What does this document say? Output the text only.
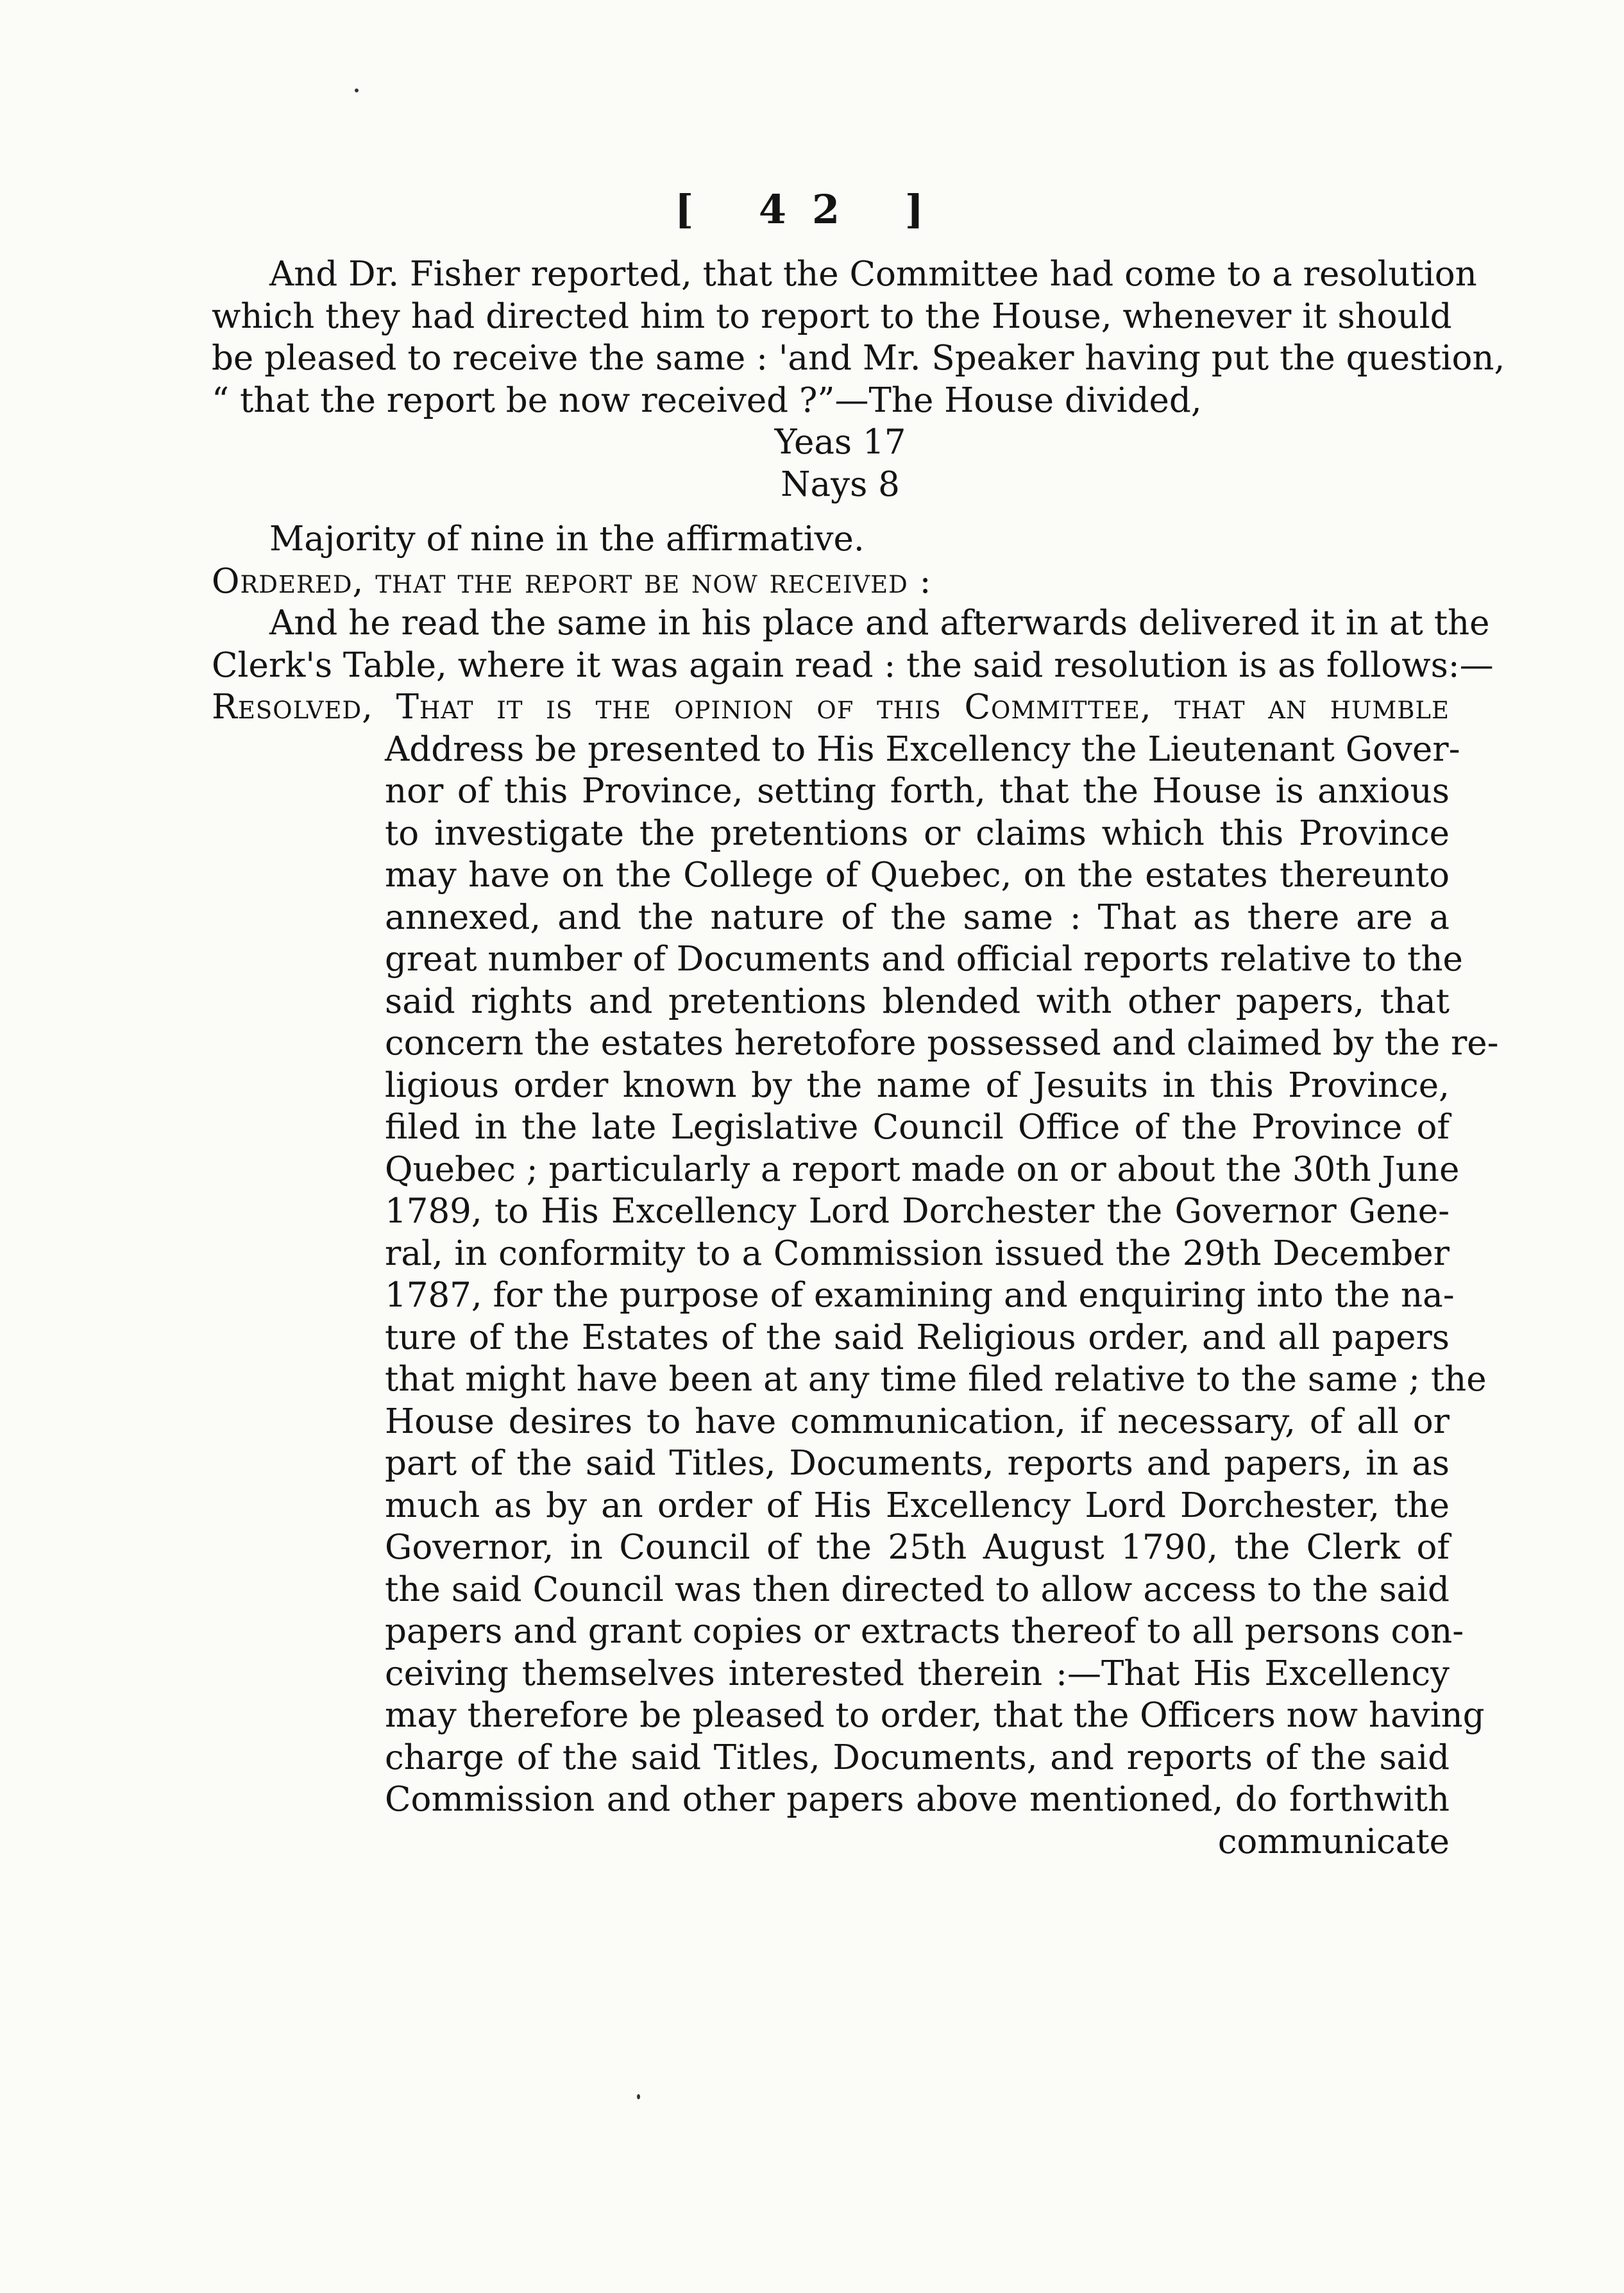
[ 42 ]
And Dr. Fisher reported, that the Committee had come to a resolution
which they had directed him to report to the House, whenever it should
be pleased to receive the same : 'and Mr. Speaker having put the question,
“ that the report be now received ?”—The House divided,
Yeas 17
Nays 8
Majority of nine in the affirmative.
Ordered, that the report be now received :
And he read the same in his place and afterwards delivered it in at the
Clerk's Table, where it was again read : the said resolution is as follows:—
Resolved, That it is the opinion of this Committee, that an humble
Address be presented to His Excellency the Lieutenant Gover-
nor of this Province, setting forth, that the House is anxious
to investigate the pretentions or claims which this Province
may have on the College of Quebec, on the estates thereunto
annexed, and the nature of the same : That as there are a
great number of Documents and official reports relative to the
said rights and pretentions blended with other papers, that
concern the estates heretofore possessed and claimed by the re-
ligious order known by the name of Jesuits in this Province,
filed in the late Legislative Council Office of the Province of
Quebec ; particularly a report made on or about the 30th June
1789, to His Excellency Lord Dorchester the Governor Gene-
ral, in conformity to a Commission issued the 29th December
1787, for the purpose of examining and enquiring into the na-
ture of the Estates of the said Religious order, and all papers
that might have been at any time filed relative to the same ; the
House desires to have communication, if necessary, of all or
part of the said Titles, Documents, reports and papers, in as
much as by an order of His Excellency Lord Dorchester, the
Governor, in Council of the 25th August 1790, the Clerk of
the said Council was then directed to allow access to the said
papers and grant copies or extracts thereof to all persons con-
ceiving themselves interested therein :—That His Excellency
may therefore be pleased to order, that the Officers now having
charge of the said Titles, Documents, and reports of the said
Commission and other papers above mentioned, do forthwith
communicate
